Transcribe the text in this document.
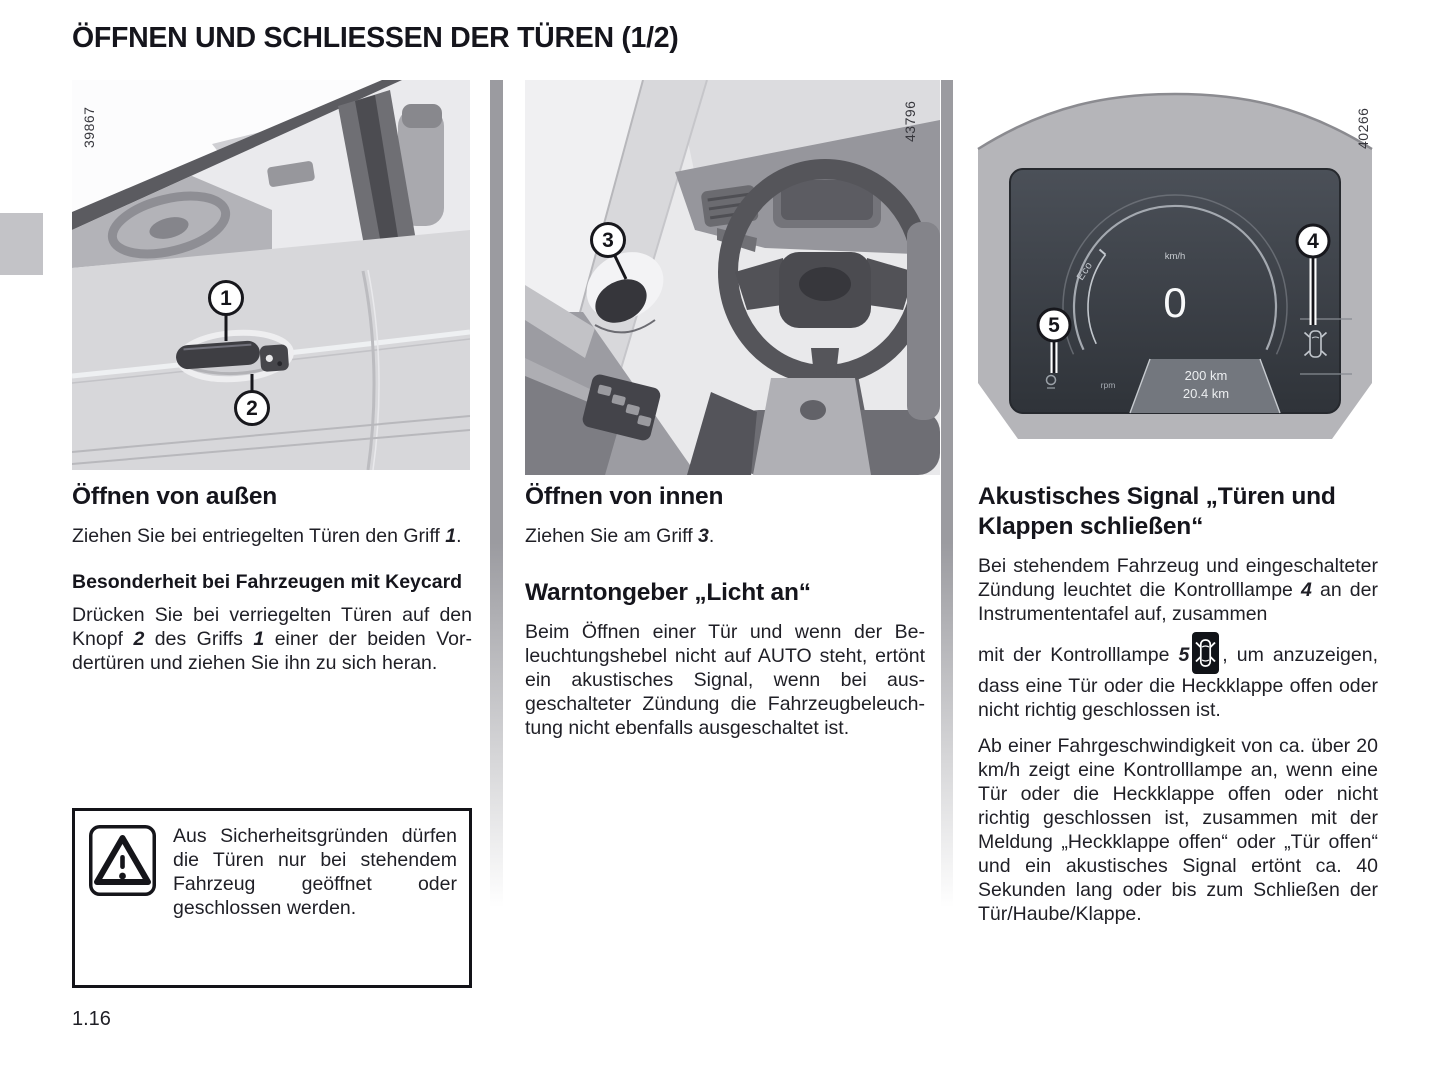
ÖFFNEN UND SCHLIESSEN DER TÜREN (1/2)
1
2
39867
3
43796
Eco
km/h
0
rpm
200 km
20.4 km
4
5
40266
Öffnen von außen

Ziehen Sie bei entriegelten Türen den Griff 1.

Besonderheit bei Fahrzeugen mit Keycard

Drücken Sie bei verriegelten Türen auf den Knopf 2 des Griffs 1 einer der beiden Vordertüren und ziehen Sie ihn zu sich heran.

Öffnen von innen

Ziehen Sie am Griff 3.

Warntongeber „Licht an“

Beim Öffnen einer Tür und wenn der Beleuchtungshebel nicht auf AUTO steht, ertönt ein akustisches Signal, wenn bei ausgeschalteter Zündung die Fahrzeugbeleuchtung nicht ebenfalls ausgeschaltet ist.

Akustisches Signal „Türen und Klappen schließen“

Bei stehendem Fahrzeug und eingeschalteter Zündung leuchtet die Kontrolllampe 4 an der Instrumententafel auf, zusammen

mit der Kontrolllampe 5 , um anzuzeigen, dass eine Tür oder die Heckklappe offen oder nicht richtig geschlossen ist.

Ab einer Fahrgeschwindigkeit von ca. über 20 km/h zeigt eine Kontrolllampe an, wenn eine Tür oder die Heckklappe offen oder nicht richtig geschlossen ist, zusammen mit der Meldung „Heckklappe offen“ oder „Tür offen“ und ein akustisches Signal ertönt ca. 40 Sekunden lang oder bis zum Schließen der Tür/Haube/Klappe.

Aus Sicherheitsgründen dürfen die Türen nur bei stehendem Fahrzeug geöffnet oder geschlossen werden.

1.16
